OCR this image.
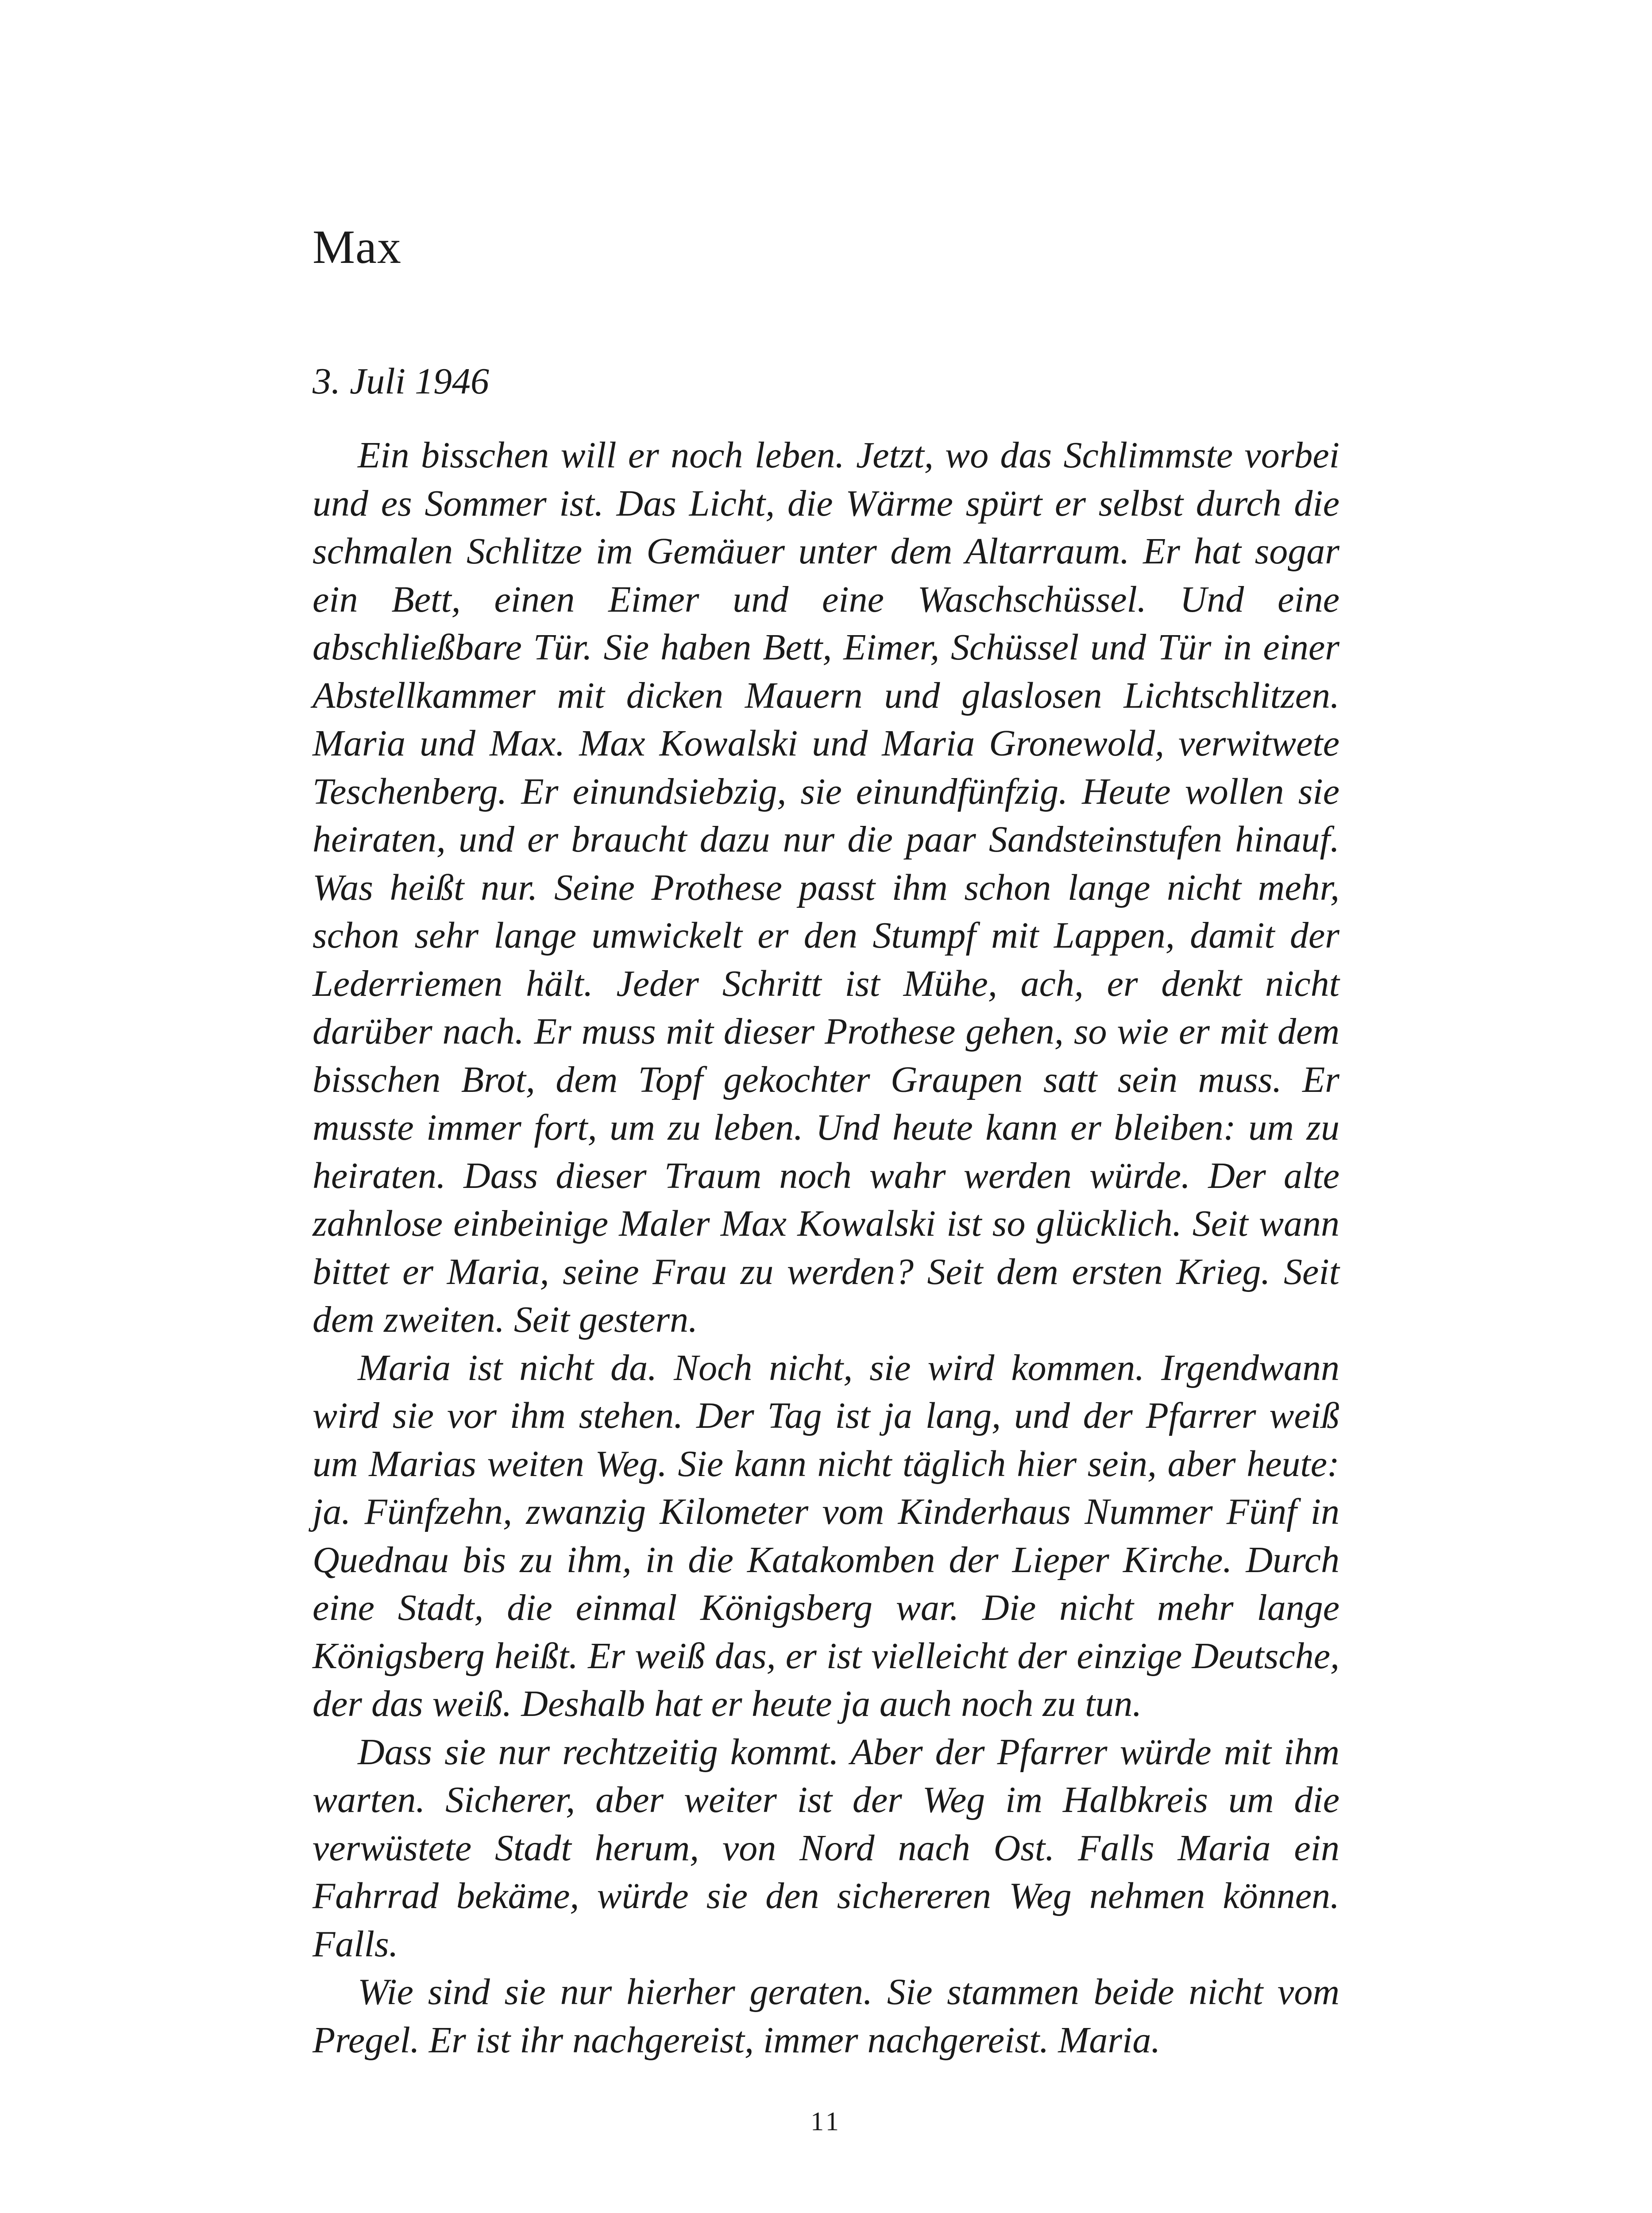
Max
3. Juli 1946

Ein bisschen will er noch leben. Jetzt, wo das Schlimmste vorbei und es Sommer ist. Das Licht, die Wärme spürt er selbst durch die schmalen Schlitze im Gemäuer unter dem Altarraum. Er hat sogar ein Bett, einen Eimer und eine Waschschüssel. Und eine abschließbare Tür. Sie haben Bett, Eimer, Schüssel und Tür in einer Abstellkammer mit dicken Mauern und glaslosen Lichtschlitzen. Maria und Max. Max Kowalski und Maria Gronewold, verwitwete Teschenberg. Er einundsiebzig, sie einundfünfzig. Heute wollen sie heiraten, und er braucht dazu nur die paar Sandsteinstufen hinauf. Was heißt nur. Seine Prothese passt ihm schon lange nicht mehr, schon sehr lange umwickelt er den Stumpf mit Lappen, damit der Lederriemen hält. Jeder Schritt ist Mühe, ach, er denkt nicht darüber nach. Er muss mit dieser Prothese gehen, so wie er mit dem bisschen Brot, dem Topf gekochter Graupen satt sein muss. Er musste immer fort, um zu leben. Und heute kann er bleiben: um zu heiraten. Dass dieser Traum noch wahr werden würde. Der alte zahnlose einbeinige Maler Max Kowalski ist so glücklich. Seit wann bittet er Maria, seine Frau zu werden? Seit dem ersten Krieg. Seit dem zweiten. Seit gestern.

Maria ist nicht da. Noch nicht, sie wird kommen. Irgendwann wird sie vor ihm stehen. Der Tag ist ja lang, und der Pfarrer weiß um Marias weiten Weg. Sie kann nicht täglich hier sein, aber heute: ja. Fünfzehn, zwanzig Kilometer vom Kinderhaus Nummer Fünf in Quednau bis zu ihm, in die Katakomben der Lieper Kirche. Durch eine Stadt, die einmal Königsberg war. Die nicht mehr lange Königsberg heißt. Er weiß das, er ist vielleicht der einzige Deutsche, der das weiß. Deshalb hat er heute ja auch noch zu tun.

Dass sie nur rechtzeitig kommt. Aber der Pfarrer würde mit ihm warten. Sicherer, aber weiter ist der Weg im Halbkreis um die verwüstete Stadt herum, von Nord nach Ost. Falls Maria ein Fahrrad bekäme, würde sie den sichereren Weg nehmen können. Falls.

Wie sind sie nur hierher geraten. Sie stammen beide nicht vom Pregel. Er ist ihr nachgereist, immer nachgereist. Maria.

11
